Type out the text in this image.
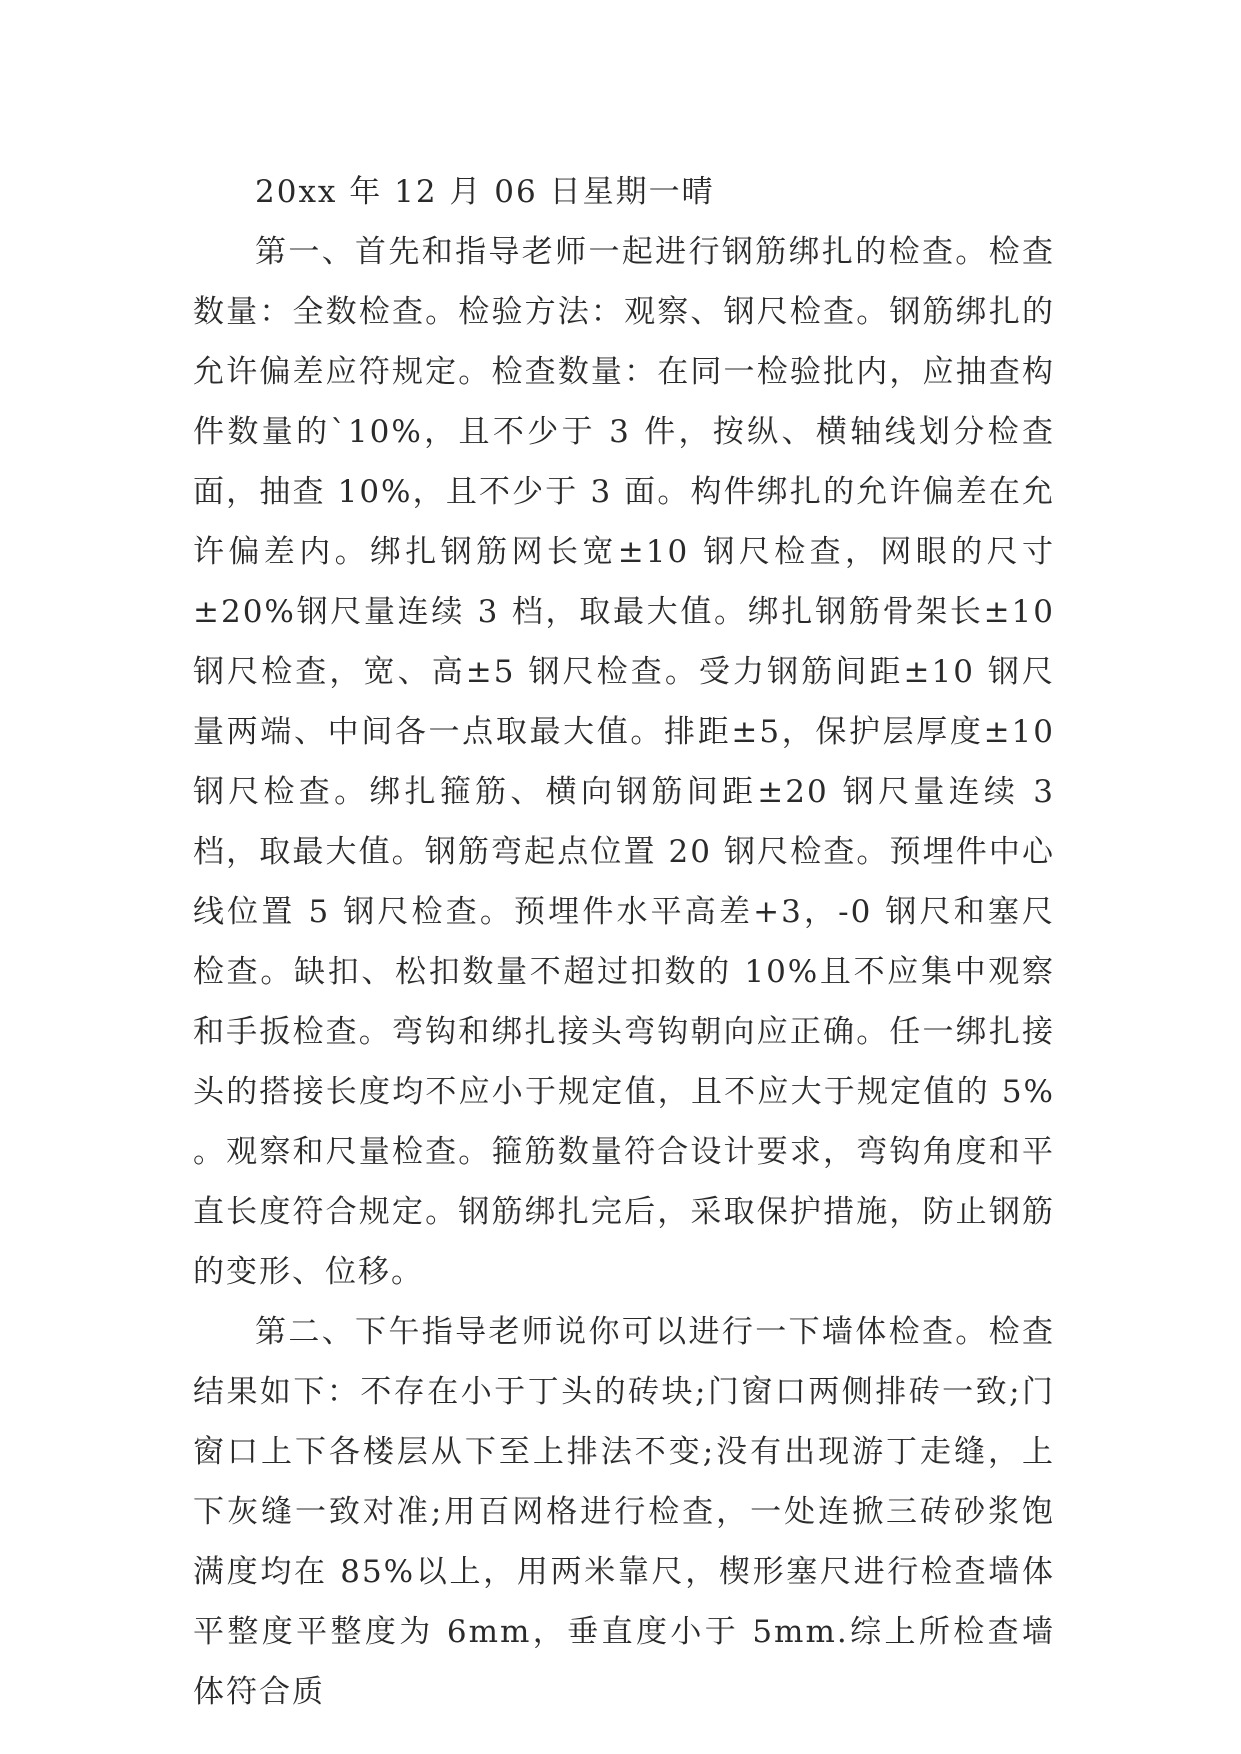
20xx 年 12 月 06 日星期一晴

第一、首先和指导老师一起进行钢筋绑扎的检查。检查数量：全数检查。检验方法：观察、钢尺检查。钢筋绑扎的允许偏差应符规定。检查数量：在同一检验批内，应抽查构件数量的`10%，且不少于 3 件，按纵、横轴线划分检查面，抽查 10%，且不少于 3 面。构件绑扎的允许偏差在允许偏差内。绑扎钢筋网长宽±10 钢尺检查，网眼的尺寸±20%钢尺量连续 3 档，取最大值。绑扎钢筋骨架长±10 钢尺检查，宽、高±5 钢尺检查。受力钢筋间距±10 钢尺量两端、中间各一点取最大值。排距±5，保护层厚度±10 钢尺检查。绑扎箍筋、横向钢筋间距±20 钢尺量连续 3 档，取最大值。钢筋弯起点位置 20 钢尺检查。预埋件中心线位置 5 钢尺检查。预埋件水平高差+3，-0 钢尺和塞尺检查。缺扣、松扣数量不超过扣数的 10%且不应集中观察和手扳检查。弯钩和绑扎接头弯钩朝向应正确。任一绑扎接头的搭接长度均不应小于规定值，且不应大于规定值的 5% 。观察和尺量检查。箍筋数量符合设计要求，弯钩角度和平直长度符合规定。钢筋绑扎完后，采取保护措施，防止钢筋的变形、位移。

第二、下午指导老师说你可以进行一下墙体检查。检查结果如下：不存在小于丁头的砖块;门窗口两侧排砖一致;门窗口上下各楼层从下至上排法不变;没有出现游丁走缝，上下灰缝一致对准;用百网格进行检查，一处连掀三砖砂浆饱满度均在 85%以上，用两米靠尺，楔形塞尺进行检查墙体平整度平整度为 6mm，垂直度小于 5mm.综上所检查墙体符合质
